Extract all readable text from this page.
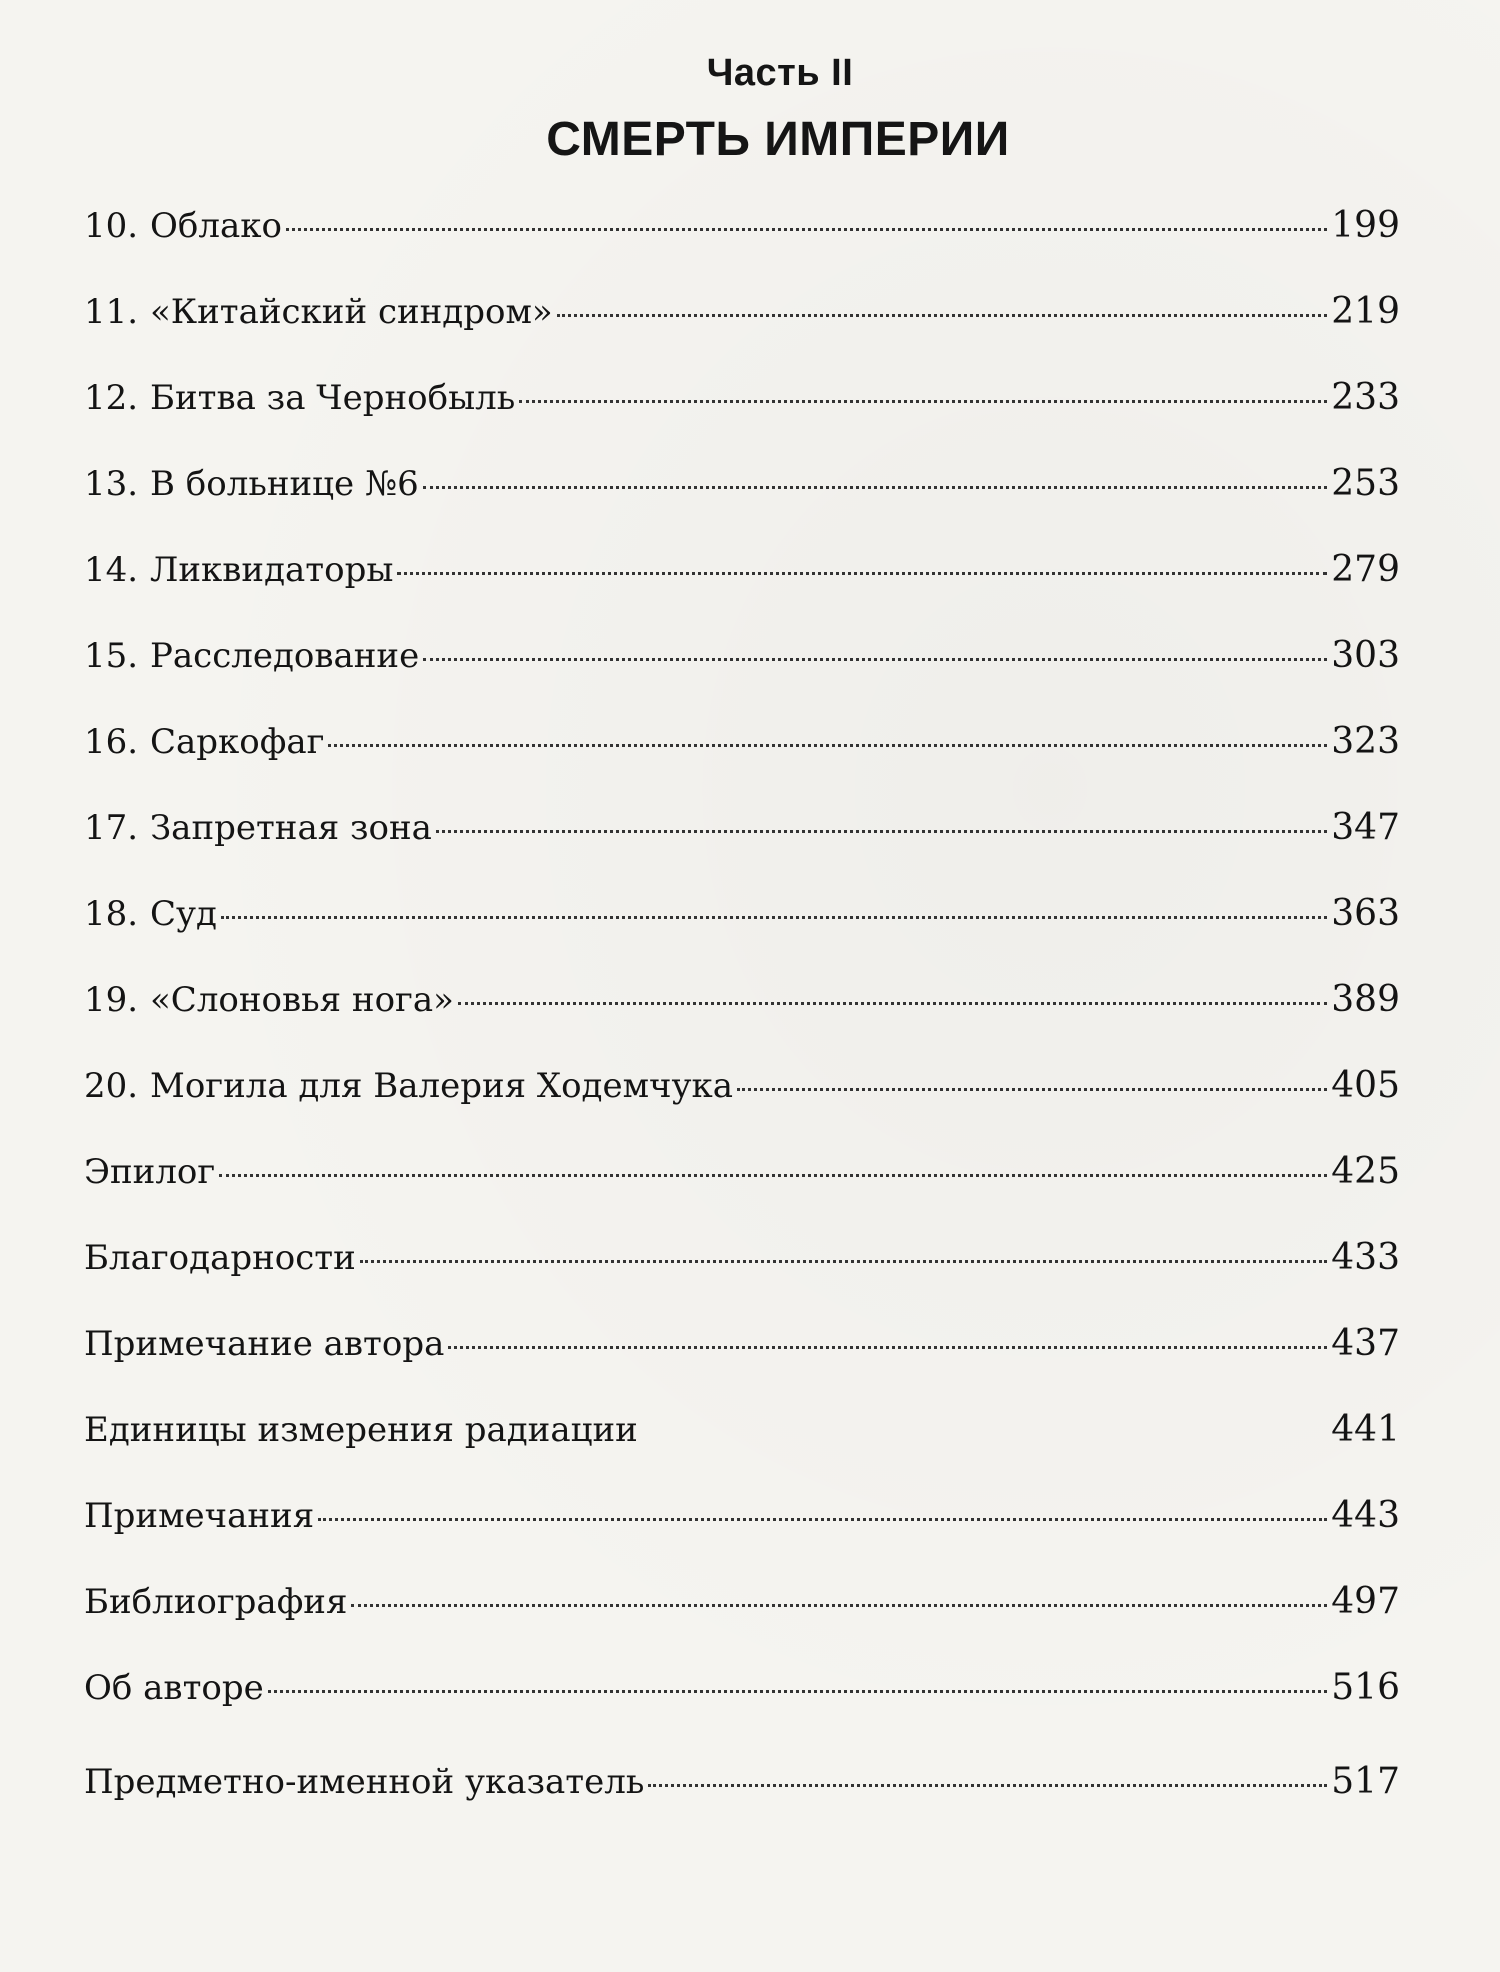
Часть II
СМЕРТЬ ИМПЕРИИ
10. Облако	199
11. «Китайский синдром»	219
12. Битва за Чернобыль	233
13. В больнице №6	253
14. Ликвидаторы	279
15. Расследование	303
16. Саркофаг	323
17. Запретная зона	347
18. Суд	363
19. «Слоновья нога»	389
20. Могила для Валерия Ходемчука	405
Эпилог	425
Благодарности	433
Примечание автора	437
Единицы измерения радиации	441
Примечания	443
Библиография	497
Об авторе	516
Предметно-именной указатель	517
